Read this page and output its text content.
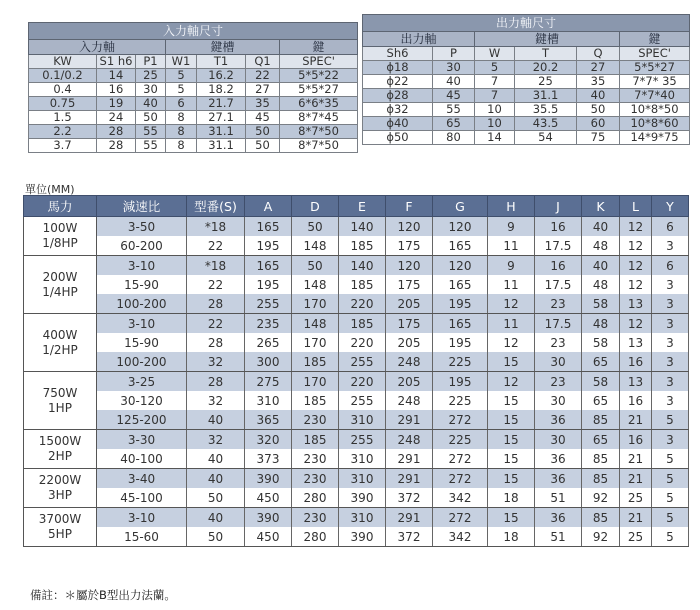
入力軸尺寸						
入力軸			鍵槽			鍵
KW	S1 h6	P1	W1	T1	Q1	SPEC'
0.1/0.2	14	25	5	16.2	22	5*5*22
0.4	16	30	5	18.2	27	5*5*27
0.75	19	40	6	21.7	35	6*6*35
1.5	24	50	8	27.1	45	8*7*45
2.2	28	55	8	31.1	50	8*7*50
3.7	28	55	8	31.1	50	8*7*50
出力軸尺寸					
出力軸		鍵槽			鍵
Sh6	P	W	T	Q	SPEC'
ϕ18	30	5	20.2	27	5*5*27
ϕ22	40	7	25	35	7*7* 35
ϕ28	45	7	31.1	40	7*7*40
ϕ32	55	10	35.5	50	10*8*50
ϕ40	65	10	43.5	60	10*8*60
ϕ50	80	14	54	75	14*9*75
單位(MM)
馬力	減速比	型番(S)	A	D	E	F	G	H	J	K	L	Y

100W
1/8HP	3-50	*18	165	50	140	120	120	9	16	40	12	6
	60-200	22	195	148	185	175	165	11	17.5	48	12	3

200W
1/4HP	3-10	*18	165	50	140	120	120	9	16	40	12	6
	15-90	22	195	148	185	175	165	11	17.5	48	12	3
	100-200	28	255	170	220	205	195	12	23	58	13	3

400W
1/2HP	3-10	22	235	148	185	175	165	11	17.5	48	12	3
	15-90	28	265	170	220	205	195	12	23	58	13	3
	100-200	32	300	185	255	248	225	15	30	65	16	3

750W
1HP	3-25	28	275	170	220	205	195	12	23	58	13	3
	30-120	32	310	185	255	248	225	15	30	65	16	3
	125-200	40	365	230	310	291	272	15	36	85	21	5

1500W
2HP	3-30	32	320	185	255	248	225	15	30	65	16	3
	40-100	40	373	230	310	291	272	15	36	85	21	5

2200W
3HP	3-40	40	390	230	310	291	272	15	36	85	21	5
	45-100	50	450	280	390	372	342	18	51	92	25	5

3700W
5HP	3-10	40	390	230	310	291	272	15	36	85	21	5
	15-60	50	450	280	390	372	342	18	51	92	25	5
備註：＊屬於B型出力法蘭。
